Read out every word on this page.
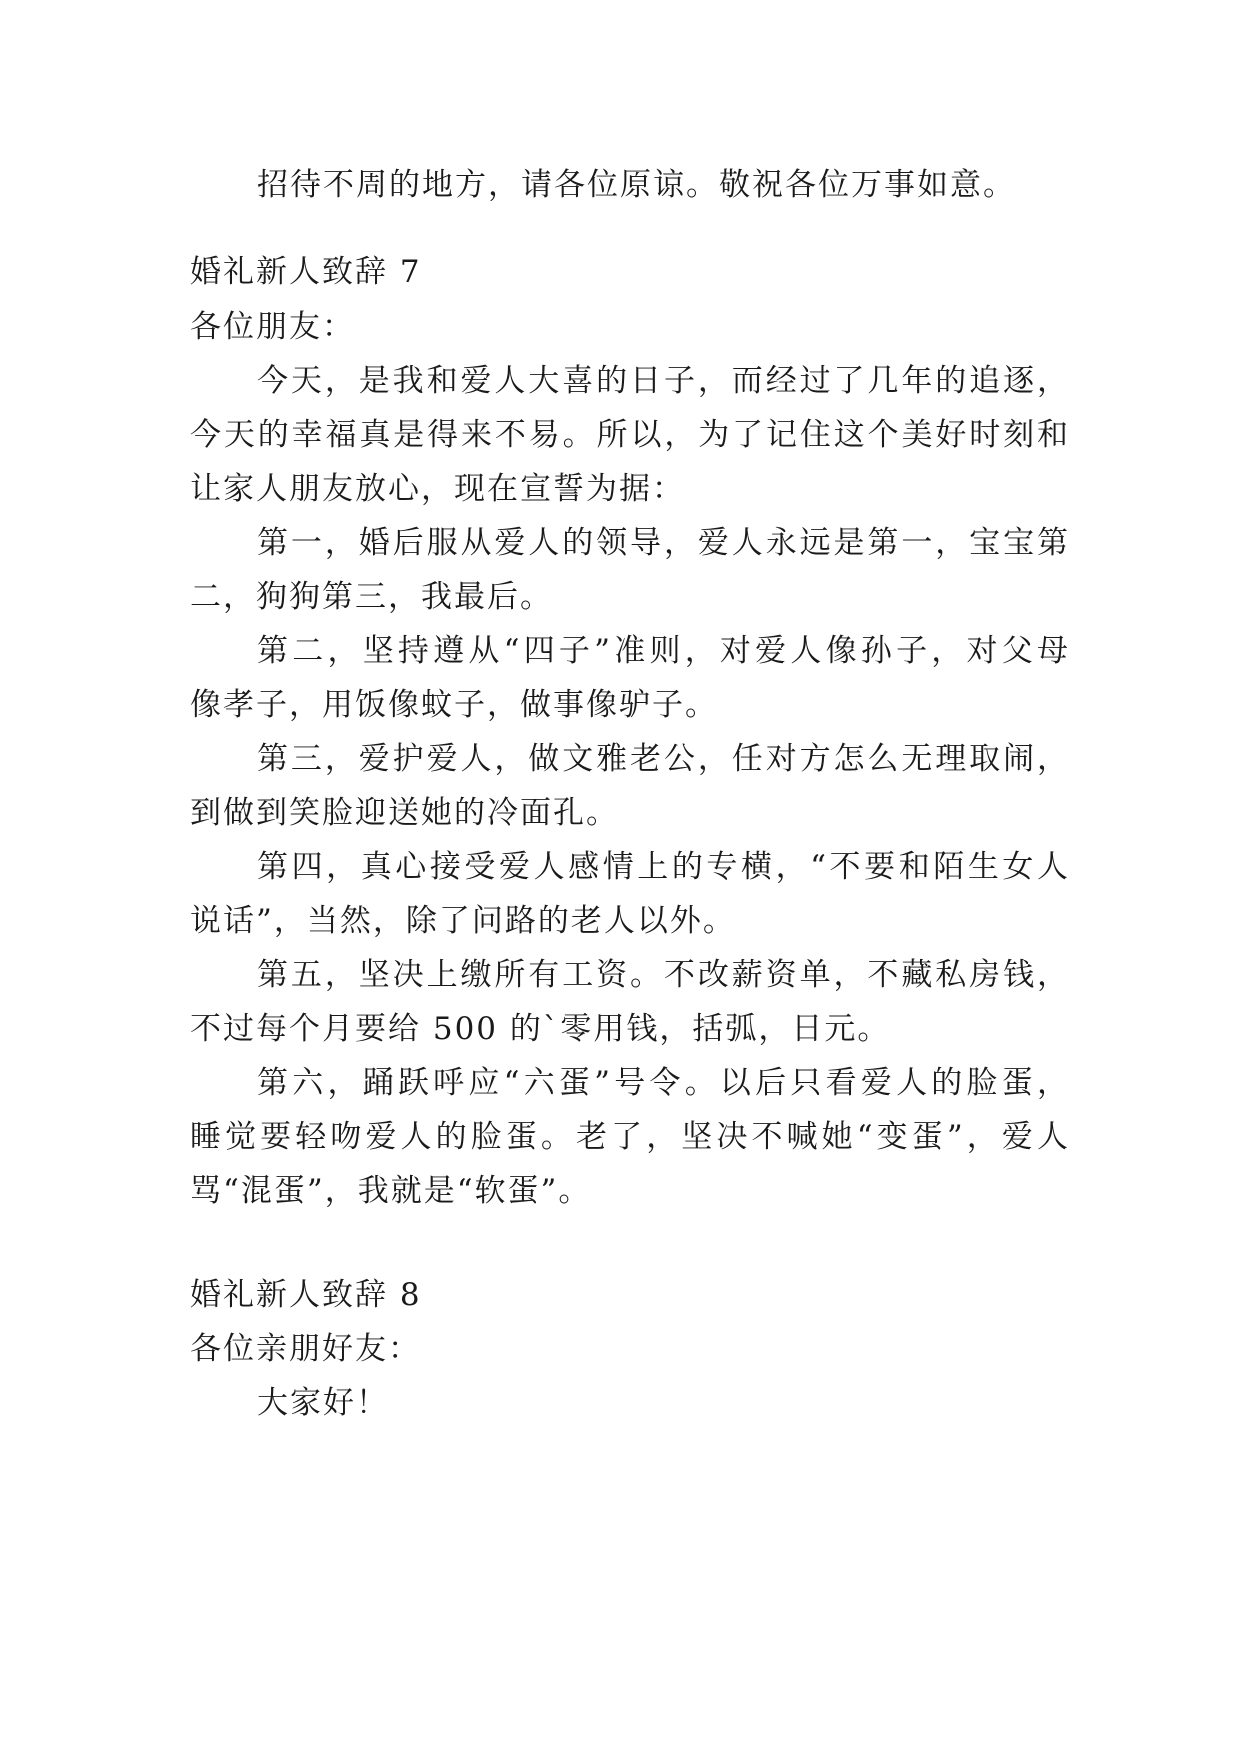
招待不周的地方，请各位原谅。敬祝各位万事如意。
婚礼新人致辞 7
各位朋友：
今天，是我和爱人大喜的日子，而经过了几年的追逐，
今天的幸福真是得来不易。所以，为了记住这个美好时刻和
让家人朋友放心，现在宣誓为据：
第一，婚后服从爱人的领导，爱人永远是第一，宝宝第
二，狗狗第三，我最后。
第二，坚持遵从“四子”准则，对爱人像孙子，对父母
像孝子，用饭像蚊子，做事像驴子。
第三，爱护爱人，做文雅老公，任对方怎么无理取闹，
到做到笑脸迎送她的冷面孔。
第四，真心接受爱人感情上的专横，“不要和陌生女人
说话”，当然，除了问路的老人以外。
第五，坚决上缴所有工资。不改薪资单，不藏私房钱，
不过每个月要给 500 的`零用钱，括弧，日元。
第六，踊跃呼应“六蛋”号令。以后只看爱人的脸蛋，
睡觉要轻吻爱人的脸蛋。老了，坚决不喊她“变蛋”，爱人
骂“混蛋”，我就是“软蛋”。
婚礼新人致辞 8
各位亲朋好友：
大家好！
